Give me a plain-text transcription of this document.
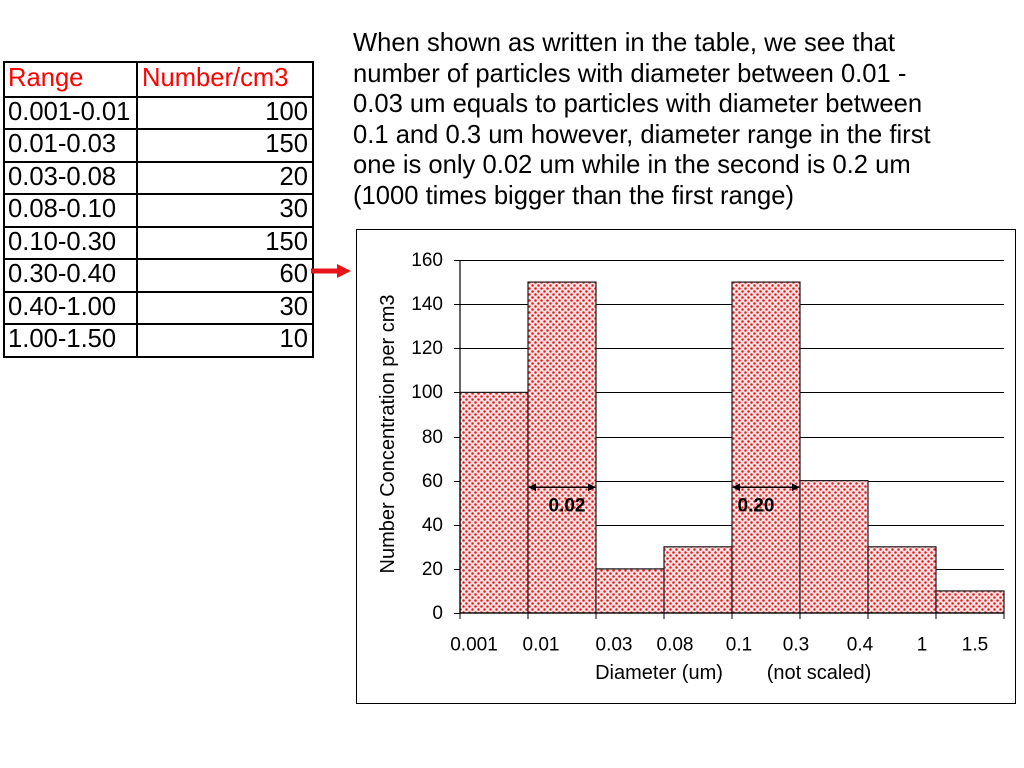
Range	Number/cm3
0.001-0.01	100
0.01-0.03	150
0.03-0.08	20
0.08-0.10	30
0.10-0.30	150
0.30-0.40	60
0.40-1.00	30
1.00-1.50	10
When shown as written in the table, we see that
number of particles with diameter between 0.01 -
0.03 um equals to particles with diameter between
0.1 and 0.3 um however, diameter range in the first
one is only 0.02 um while in the second is 0.2 um
(1000 times bigger than the first range)
0
20
40
60
80
100
120
140
160
0.001 0.01 0.03 0.08 0.1 0.3 0.4 1 1.5
0.02	0.20
Number Concentration per cm3
Diameter (um) (not scaled)
